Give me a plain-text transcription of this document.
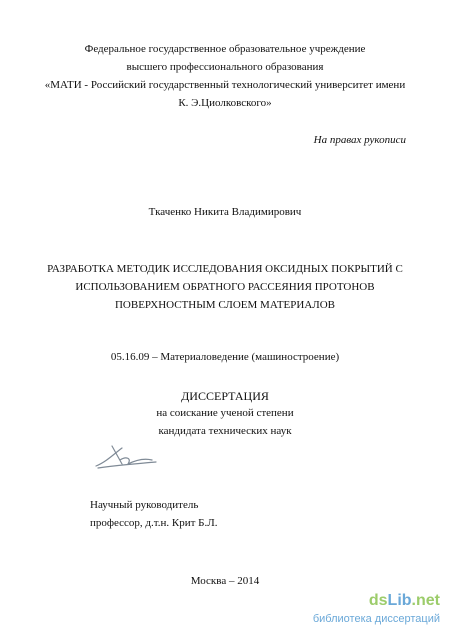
Федеральное государственное образовательное учреждение
высшего профессионального образования
«МАТИ - Российский государственный технологический университет имени
К. Э.Циолковского»
На правах рукописи
Ткаченко Никита Владимирович
РАЗРАБОТКА МЕТОДИК ИССЛЕДОВАНИЯ ОКСИДНЫХ ПОКРЫТИЙ С
ИСПОЛЬЗОВАНИЕМ ОБРАТНОГО РАССЕЯНИЯ ПРОТОНОВ
ПОВЕРХНОСТНЫМ СЛОЕМ МАТЕРИАЛОВ
05.16.09 – Материаловедение (машиностроение)
ДИССЕРТАЦИЯ
на соискание ученой степени
кандидата технических наук
Научный руководитель
профессор, д.т.н. Крит Б.Л.
Москва – 2014
dsLib.net
библиотека диссертаций
